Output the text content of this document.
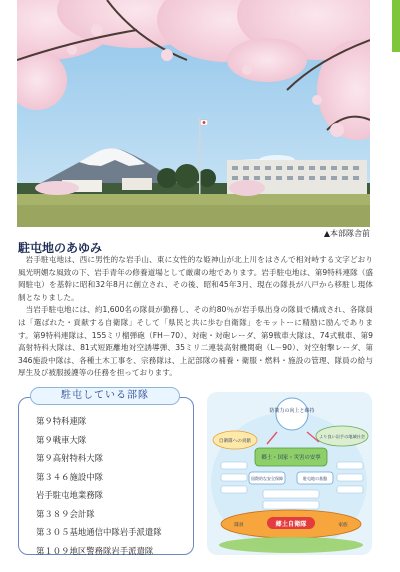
▲本部隊舎前
駐屯地のあゆみ

岩手駐屯地は、西に男性的な岩手山、東に女性的な姫神山が北上川をはさんで相対峙する文字どおり風光明媚な風致の下、岩手青年の修養道場として厳粛の地であります。岩手駐屯地は、第9特科連隊（盛岡駐屯）を基幹に昭和32年8月に創立され、その後、昭和45年3月、現在の隊長が八戸から移駐し現体制となりました。

当岩手駐屯地には、約1,600名の隊員が勤務し、その約80％が岩手県出身の隊員で構成され、各隊員は「選ばれた・貢献する自衛隊」そして「県民と共に歩む自衛隊」をモットーに精励に励んであります。第9特科連隊は、155ミリ榴弾砲（FH－70）、対砲・対砲レーダ、第9戦車大隊は、74式戦車、第9高射特科大隊は、81式短距離地対空誘導弾、35ミリ二連装高射機関砲（L－90）、対空射撃レーダ、第346施設中隊は、各種土木工事を、宗務隊は、上記部隊の補養・衛服・燃料・施設の管理、隊員の給与厚生及び被服援護等の任務を担っております。

駐屯している部隊
第９特科連隊
第９戦車大隊
第９高射特科大隊
第３４６施設中隊
岩手駐屯地業務隊
第３８９会計隊
第３０５基地通信中隊岩手派遣隊
第１０９地区警務隊岩手派遣隊
防衛力の向上と維持
自衛隊への貢献
より良い岩手の地域社会
郷土・国家・災害の安寧
国際的な安全保障	駐屯地の基盤
郷土自衛隊
隊員	家族
